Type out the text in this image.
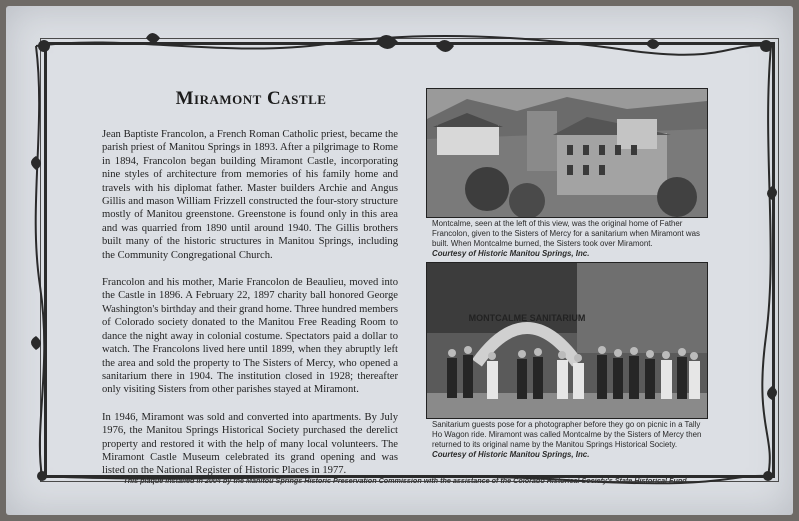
Miramont Castle

Jean Baptiste Francolon, a French Roman Catholic priest, became the parish priest of Manitou Springs in 1893. After a pilgrimage to Rome in 1894, Francolon began building Miramont Castle, incorporating nine styles of architecture from memories of his family home and travels with his diplomat father. Master builders Archie and Angus Gillis and mason William Frizzell constructed the four-story structure mostly of Manitou greenstone. Greenstone is found only in this area and was quarried from 1890 until around 1940. The Gillis brothers built many of the historic structures in Manitou Springs, including the Community Congregational Church.

Francolon and his mother, Marie Francolon de Beaulieu, moved into the Castle in 1896. A February 22, 1897 charity ball honored George Washington's birthday and their grand home. Three hundred members of Colorado society donated to the Manitou Free Reading Room to dance the night away in colonial costume. Spectators paid a dollar to watch. The Francolons lived here until 1899, when they abruptly left the area and sold the property to The Sisters of Mercy, who opened a sanitarium there in 1904. The institution closed in 1928; thereafter only visiting Sisters from other parishes stayed at Miramont.

In 1946, Miramont was sold and converted into apartments. By July 1976, the Manitou Springs Historical Society purchased the derelict property and restored it with the help of many local volunteers. The Miramont Castle Museum celebrated its grand opening and was listed on the National Register of Historic Places in 1977.

Montcalme, seen at the left of this view, was the original home of Father Francolon, given to the Sisters of Mercy for a sanitarium when Miramont was built. When Montcalme burned, the Sisters took over Miramont.
Courtesy of Historic Manitou Springs, Inc.
MONTCALME SANITARIUM
Sanitarium guests pose for a photographer before they go on picnic in a Tally Ho Wagon ride. Miramont was called Montcalme by the Sisters of Mercy then returned to its original name by the Manitou Springs Historical Society.
Courtesy of Historic Manitou Springs, Inc.
This plaque installed in 2004 by the Manitou Springs Historic Preservation Commission with the assistance of the Colorado Historical Society's State Historical Fund.
